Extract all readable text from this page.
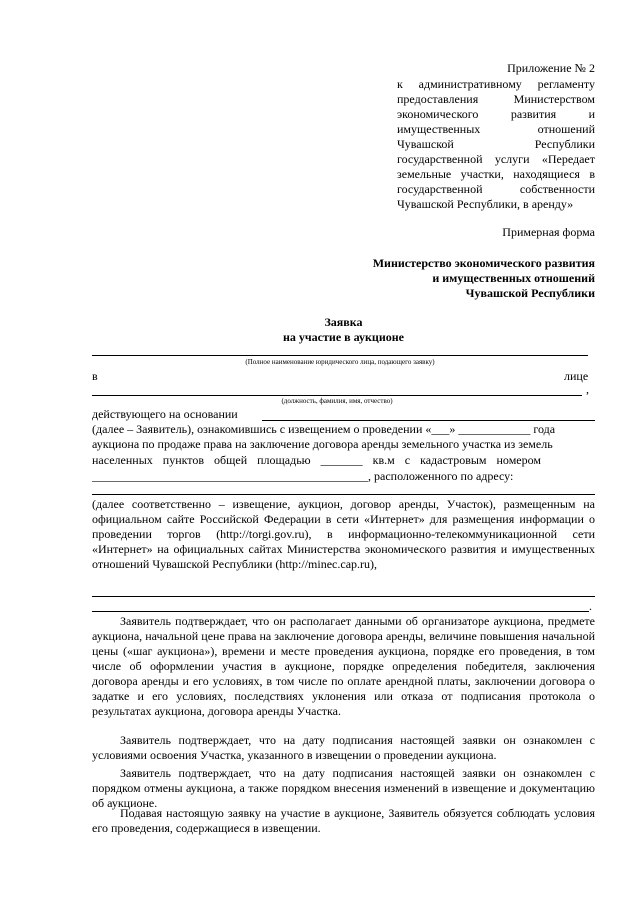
Приложение № 2
к административному регламенту предоставления Министерством экономического развития и имущественных отношений Чувашской Республики государственной услуги «Передает земельные участки, находящиеся в государственной собственности Чувашской Республики, в аренду»
Примерная форма
Министерство экономического развития
и имущественных отношений
Чувашской Республики
Заявка
на участие в аукционе
(Полное наименование юридического лица, подающего заявку)
в	лице
,
(должность, фамилия, имя, отчество)
действующего на основании
(далее – Заявитель), ознакомившись с извещением о проведении «___» ____________ года
аукциона по продаже права на заключение договора аренды земельного участка из земель
населенных пунктов общей площадью _______ кв.м с кадастровым номером
______________________________________________, расположенного по адресу:
(далее соответственно – извещение, аукцион, договор аренды, Участок), размещенным на официальном сайте Российской Федерации в сети «Интернет» для размещения информации о проведении торгов (http://torgi.gov.ru), в информационно-телекоммуникационной сети «Интернет» на официальных сайтах Министерства экономического развития и имущественных отношений Чувашской Республики (http://minec.cap.ru),
.
Заявитель подтверждает, что он располагает данными об организаторе аукциона, предмете аукциона, начальной цене права на заключение договора аренды, величине повышения начальной цены («шаг аукциона»), времени и месте проведения аукциона, порядке его проведения, в том числе об оформлении участия в аукционе, порядке определения победителя, заключения договора аренды и его условиях, в том числе по оплате арендной платы, заключении договора о задатке и его условиях, последствиях уклонения или отказа от подписания протокола о результатах аукциона, договора аренды Участка.
Заявитель подтверждает, что на дату подписания настоящей заявки он ознакомлен с условиями освоения Участка, указанного в извещении о проведении аукциона.
Заявитель подтверждает, что на дату подписания настоящей заявки он ознакомлен с порядком отмены аукциона, а также порядком внесения изменений в извещение и документацию об аукционе.
Подавая настоящую заявку на участие в аукционе, Заявитель обязуется соблюдать условия его проведения, содержащиеся в извещении.
